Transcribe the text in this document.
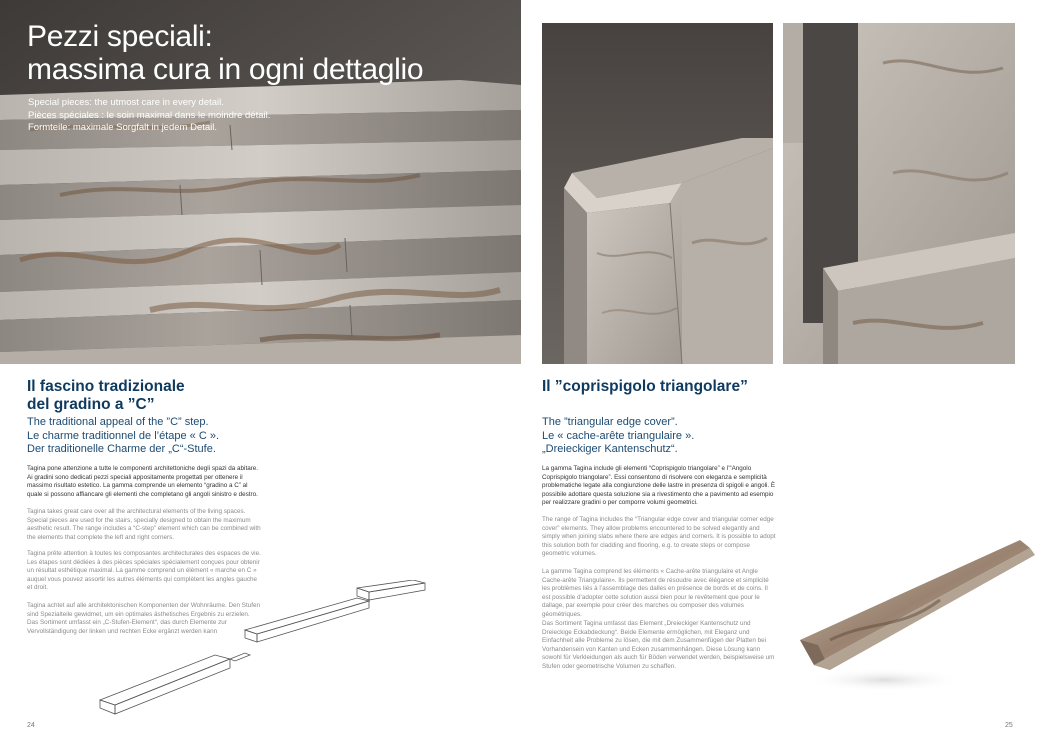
Pezzi speciali:
massima cura in ogni dettaglio
Special pieces: the utmost care in every detail.
Pièces spéciales : le soin maximal dans le moindre détail.
Formteile: maximale Sorgfalt in jedem Detail.
Il fascino tradizionale
del gradino a ”C”
The traditional appeal of the ”C” step.
Le charme traditionnel de l’étape « C ».
Der traditionelle Charme der „C“-Stufe.

Tagina pone attenzione a tutte le componenti architettoniche degli spazi da abitare. Ai gradini sono dedicati pezzi speciali appositamente progettati per ottenere il massimo risultato estetico. La gamma comprende un elemento “gradino a C” al quale si possono affiancare gli elementi che completano gli angoli sinistro e destro.

Tagina takes great care over all the architectural elements of the living spaces. Special pieces are used for the stairs, specially designed to obtain the maximum aesthetic result. The range includes a “C-step” element which can be combined with the elements that complete the left and right corners.

Tagina prête attention à toutes les composantes architecturales des espaces de vie. Les étapes sont dédiées à des pièces spéciales spécialement conçues pour obtenir un résultat esthétique maximal. La gamme comprend un élément « marche en C » auquel vous pouvez assortir les autres éléments qui complètent les angles gauche et droit.

Tagina achtet auf alle architektonischen Komponenten der Wohnräume. Den Stufen sind Spezialteile gewidmet, um ein optimales ästhetisches Ergebnis zu erzielen. Das Sortiment umfasst ein „C-Stufen-Element“, das durch Elemente zur Vervollständigung der linken und rechten Ecke ergänzt werden kann

24
Il ”coprispigolo triangolare”
The ”triangular edge cover”.
Le « cache-arête triangulaire ».
„Dreieckiger Kantenschutz“.

La gamma Tagina include gli elementi “Coprispigolo triangolare” e l’“Angolo Coprispigolo triangolare”. Essi consentono di risolvere con eleganza e semplicità problematiche legate alla congiunzione delle lastre in presenza di spigoli e angoli. È possibile adottare questa soluzione sia a rivestimento che a pavimento ad esempio per realizzare gradini o per comporre volumi geometrici.

The range of Tagina includes the “Triangular edge cover and triangular corner edge cover” elements. They allow problems encountered to be solved elegantly and simply when joining slabs where there are edges and corners. It is possible to adopt this solution both for cladding and flooring, e.g. to create steps or compose geometric volumes.

La gamme Tagina comprend les éléments « Cache-arête triangulaire et Angle Cache-arête Triangulaire». Ils permettent de résoudre avec élégance et simplicité les problèmes liés à l’assemblage des dalles en présence de bords et de coins. Il est possible d’adopter cette solution aussi bien pour le revêtement que pour le dallage, par exemple pour créer des marches ou composer des volumes géométriques.

Das Sortiment Tagina umfasst das Element „Dreieckiger Kantenschutz und Dreieckige Eckabdeckung“. Beide Elemente ermöglichen, mit Eleganz und Einfachheit alle Probleme zu lösen, die mit dem Zusammenfügen der Platten bei Vorhandensein von Kanten und Ecken zusammenhängen. Diese Lösung kann sowohl für Verkleidungen als auch für Böden verwendet werden, beispielsweise um Stufen oder geometrische Volumen zu schaffen.

25
